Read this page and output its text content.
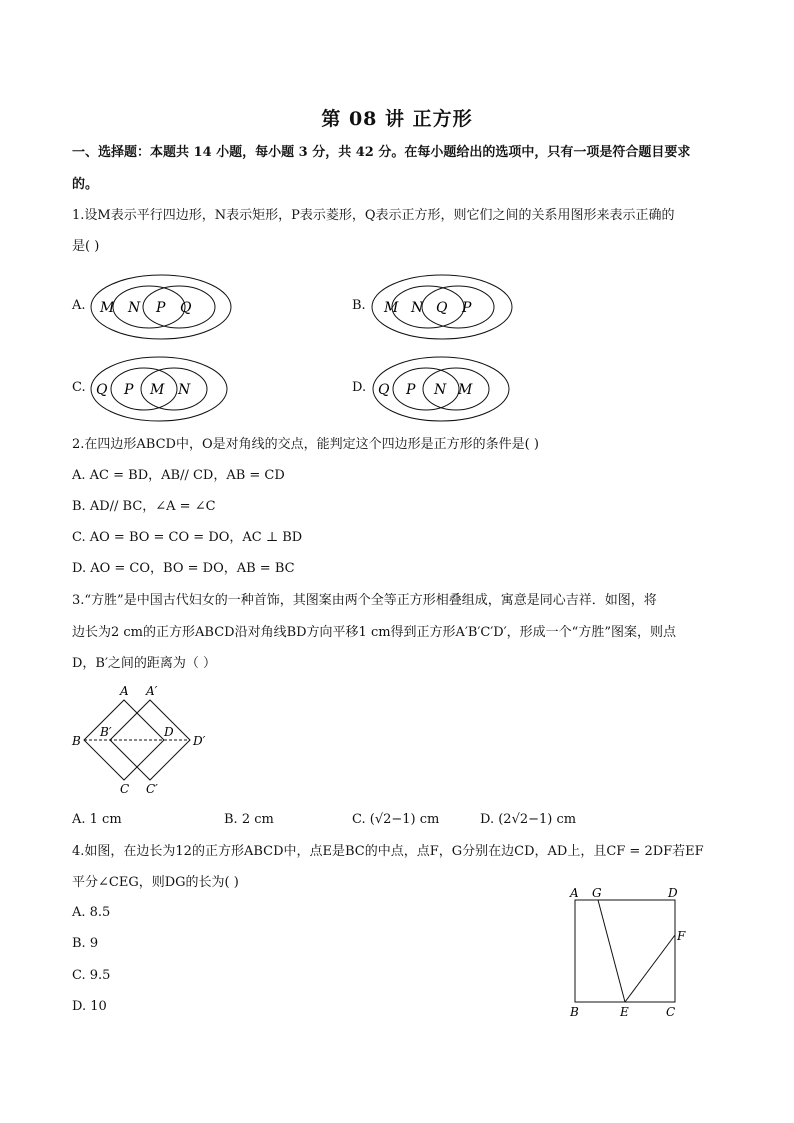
第 08 讲 正方形
一、选择题：本题共 14 小题，每小题 3 分，共 42 分。在每小题给出的选项中，只有一项是符合题目要求
的。
1.设M表示平行四边形，N表示矩形，P表示菱形，Q表示正方形，则它们之间的关系用图形来表示正确的
是( )
A. M N P Q	B. M N Q P
C. Q P M N	D. Q P N M
2.在四边形ABCD中，O是对角线的交点，能判定这个四边形是正方形的条件是( )
A. AC = BD，AB// CD，AB = CD
B. AD// BC，∠A = ∠C
C. AO = BO = CO = DO，AC ⊥ BD
D. AO = CO，BO = DO，AB = BC
3.“方胜”是中国古代妇女的一种首饰，其图案由两个全等正方形相叠组成，寓意是同心吉祥．如图，将
边长为2 cm的正方形ABCD沿对角线BD方向平移1 cm得到正方形A′B′C′D′，形成一个“方胜”图案，则点
D，B′之间的距离为（ ）
A A′
B
B′	D
D′
C C′
A. 1 cm	B. 2 cm	C. (√2−1) cm	D. (2√2−1) cm
4.如图，在边长为12的正方形ABCD中，点E是BC的中点，点F，G分别在边CD，AD上，且CF = 2DF若EF
平分∠CEG，则DG的长为( )
A. 8.5
B. 9
C. 9.5
D. 10
A G	D
F
B	E	C
